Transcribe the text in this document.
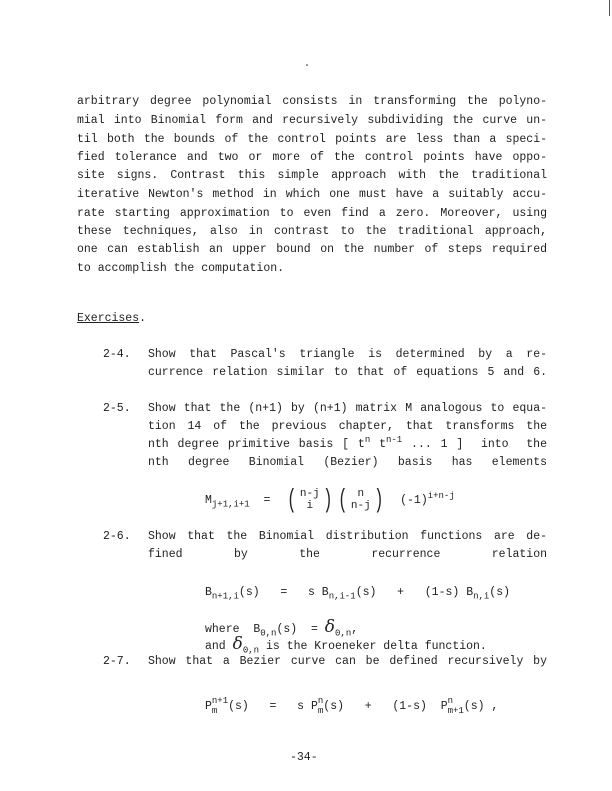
arbitrary degree polynomial consists in transforming the polyno-
mial into Binomial form and recursively subdividing the curve un-
til both the bounds of the control points are less than a speci-
fied tolerance and two or more of the control points have oppo-
site signs. Contrast this simple approach with the traditional
iterative Newton's method in which one must have a suitably accu-
rate starting approximation to even find a zero. Moreover, using
these techniques, also in contrast to the traditional approach,
one can establish an upper bound on the number of steps required
to accomplish the computation.
Exercises.
2-4. Show that Pascal's triangle is determined by a re-
currence relation similar to that of equations 5 and 6.
2-5. Show that the (n+1) by (n+1) matrix M analogous to equa-
tion 14 of the previous chapter, that transforms the
nth degree primitive basis [ $t^n$ $t^{n-1}$ ... 1 ]  into  the
nth degree Binomial (Bezier) basis has elements
$M_{j+1,i+1}$ = ( n-j
i ) ( n
n-j ) $(-1)^{i+n-j}$
2-6. Show that the Binomial distribution functions are de-
fined by the recurrence relation
$B_{n+1,i}(s) = s$ $B_{n,i-1}(s) + (1-s)$ $B_{n,i}(s)$
where $B_{0,n}(s) = \delta_{0,n}$,
and $\delta_{0,n}$ is the Kroeneker delta function.
2-7. Show that a Bezier curve can be defined recursively by
P n+1
m (s) = s P n
m (s) + (1-s) P n
m+1 (s) ,
-34-
